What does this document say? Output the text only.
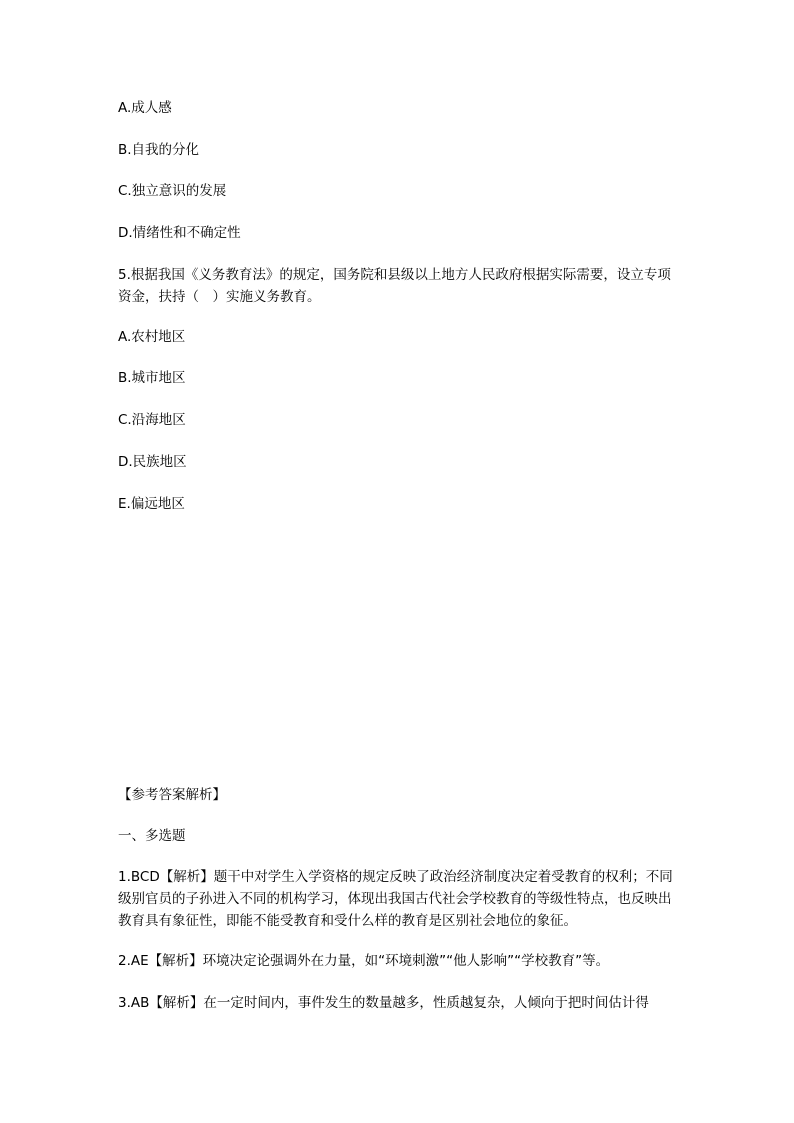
A.成人感

B.自我的分化

C.独立意识的发展

D.情绪性和不确定性

5.根据我国《义务教育法》的规定，国务院和县级以上地方人民政府根据实际需要，设立专项资金，扶持（　）实施义务教育。

A.农村地区

B.城市地区

C.沿海地区

D.民族地区

E.偏远地区

【参考答案解析】

一、多选题

1.BCD【解析】题干中对学生入学资格的规定反映了政治经济制度决定着受教育的权利；不同级别官员的子孙进入不同的机构学习，体现出我国古代社会学校教育的等级性特点，也反映出教育具有象征性，即能不能受教育和受什么样的教育是区别社会地位的象征。

2.AE【解析】环境决定论强调外在力量，如“环境刺激”“他人影响”“学校教育”等。

3.AB【解析】在一定时间内，事件发生的数量越多，性质越复杂，人倾向于把时间估计得
